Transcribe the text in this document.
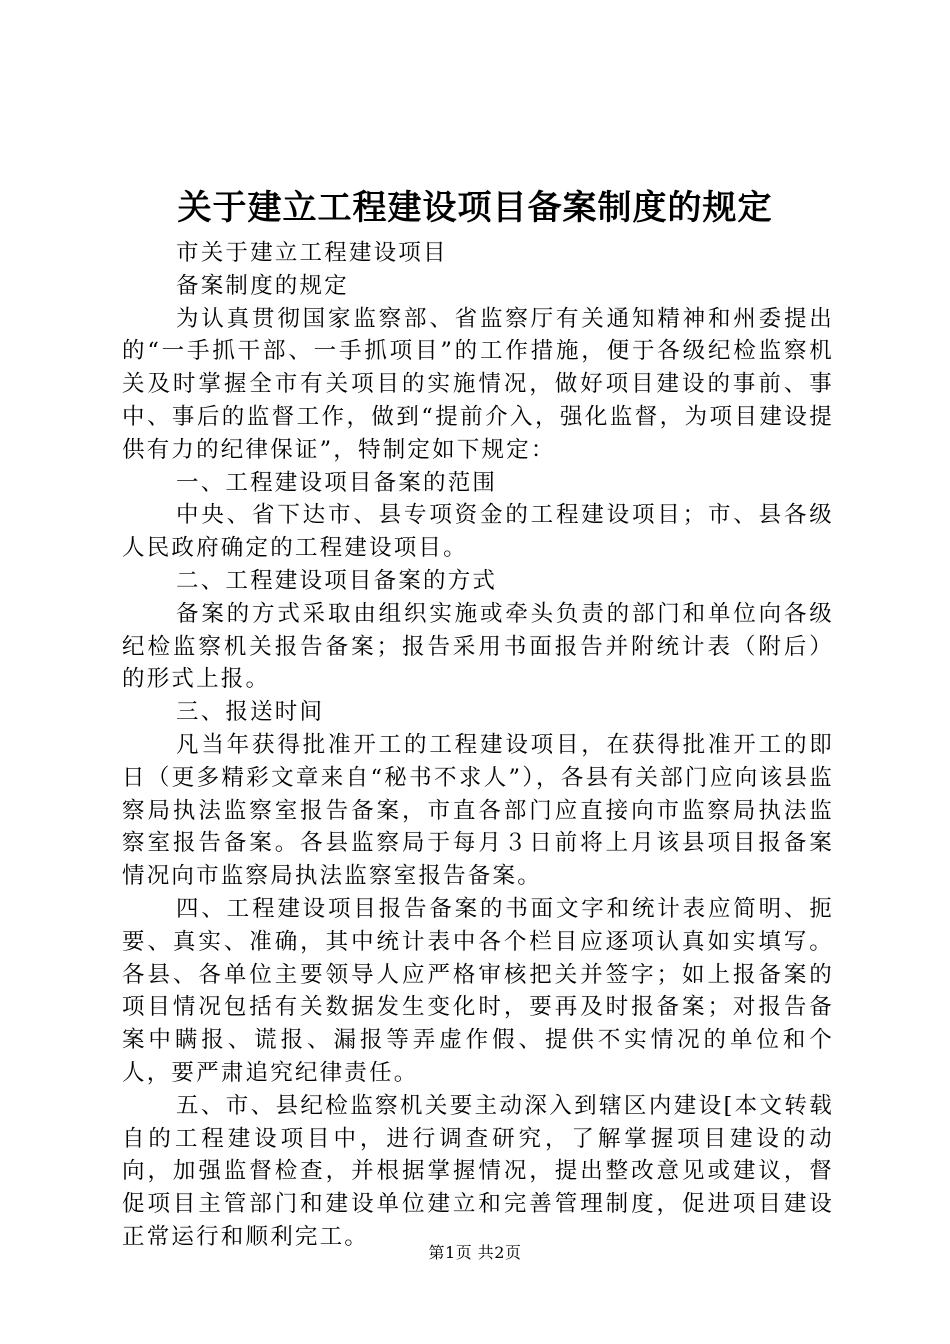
关于建立工程建设项目备案制度的规定

市关于建立工程建设项目

备案制度的规定

为认真贯彻国家监察部、省监察厅有关通知精神和州委提出的“一手抓干部、一手抓项目”的工作措施，便于各级纪检监察机关及时掌握全市有关项目的实施情况，做好项目建设的事前、事中、事后的监督工作，做到“提前介入，强化监督，为项目建设提供有力的纪律保证”，特制定如下规定：

一、工程建设项目备案的范围

中央、省下达市、县专项资金的工程建设项目；市、县各级人民政府确定的工程建设项目。

二、工程建设项目备案的方式

备案的方式采取由组织实施或牵头负责的部门和单位向各级纪检监察机关报告备案；报告采用书面报告并附统计表（附后）的形式上报。

三、报送时间

凡当年获得批准开工的工程建设项目，在获得批准开工的即日（更多精彩文章来自“秘书不求人”），各县有关部门应向该县监察局执法监察室报告备案，市直各部门应直接向市监察局执法监察室报告备案。各县监察局于每月３日前将上月该县项目报备案情况向市监察局执法监察室报告备案。

四、工程建设项目报告备案的书面文字和统计表应简明、扼要、真实、准确，其中统计表中各个栏目应逐项认真如实填写。各县、各单位主要领导人应严格审核把关并签字；如上报备案的项目情况包括有关数据发生变化时，要再及时报备案；对报告备案中瞒报、谎报、漏报等弄虚作假、提供不实情况的单位和个人，要严肃追究纪律责任。

五、市、县纪检监察机关要主动深入到辖区内建设[本文转载自的工程建设项目中，进行调查研究，了解掌握项目建设的动向，加强监督检查，并根据掌握情况，提出整改意见或建议，督促项目主管部门和建设单位建立和完善管理制度，促进项目建设正常运行和顺利完工。

第1页 共2页
